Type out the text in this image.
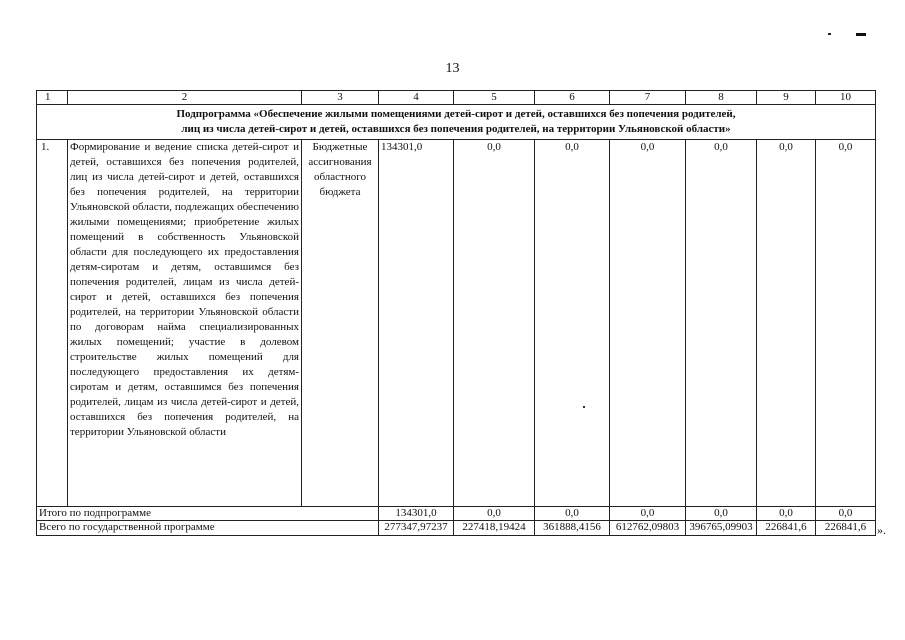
13
1	2	3	4	5	6	7	8	9	10

Подпрограмма «Обеспечение жилыми помещениями детей-сирот и детей, оставшихся без попечения родителей,
лиц из числа детей-сирот и детей, оставшихся без попечения родителей, на территории Ульяновской области»									

1.	Формирование и ведение списка детей-сирот и детей, оставшихся без попечения родителей, лиц из числа детей-сирот и детей, оставшихся без попечения родителей, на территории Ульяновской области, подлежащих обеспечению жилыми помещениями; приобретение жилых помещений в собственность Ульяновской области для последующего их предоставления детям-сиротам и детям, оставшимся без попечения родителей, лицам из числа детей-сирот и детей, оставшихся без попечения родителей, на территории Ульяновской области по договорам найма специализированных жилых помещений; участие в долевом строительстве жилых помещений для последующего предоставления их детям-сиротам и детям, оставшимся без попечения родителей, лицам из числа детей-сирот и детей, оставшихся без попечения родителей, на территории Ульяновской области	Бюджетные ассигнования областного бюджета	134301,0	0,0	0,0	0,0	0,0	0,0	0,0
Итого по подпрограмме			134301,0	0,0	0,0	0,0	0,0	0,0	0,0
Всего по государственной программе			277347,97237	227418,19424	361888,4156	612762,09803	396765,09903	226841,6	226841,6 ».
